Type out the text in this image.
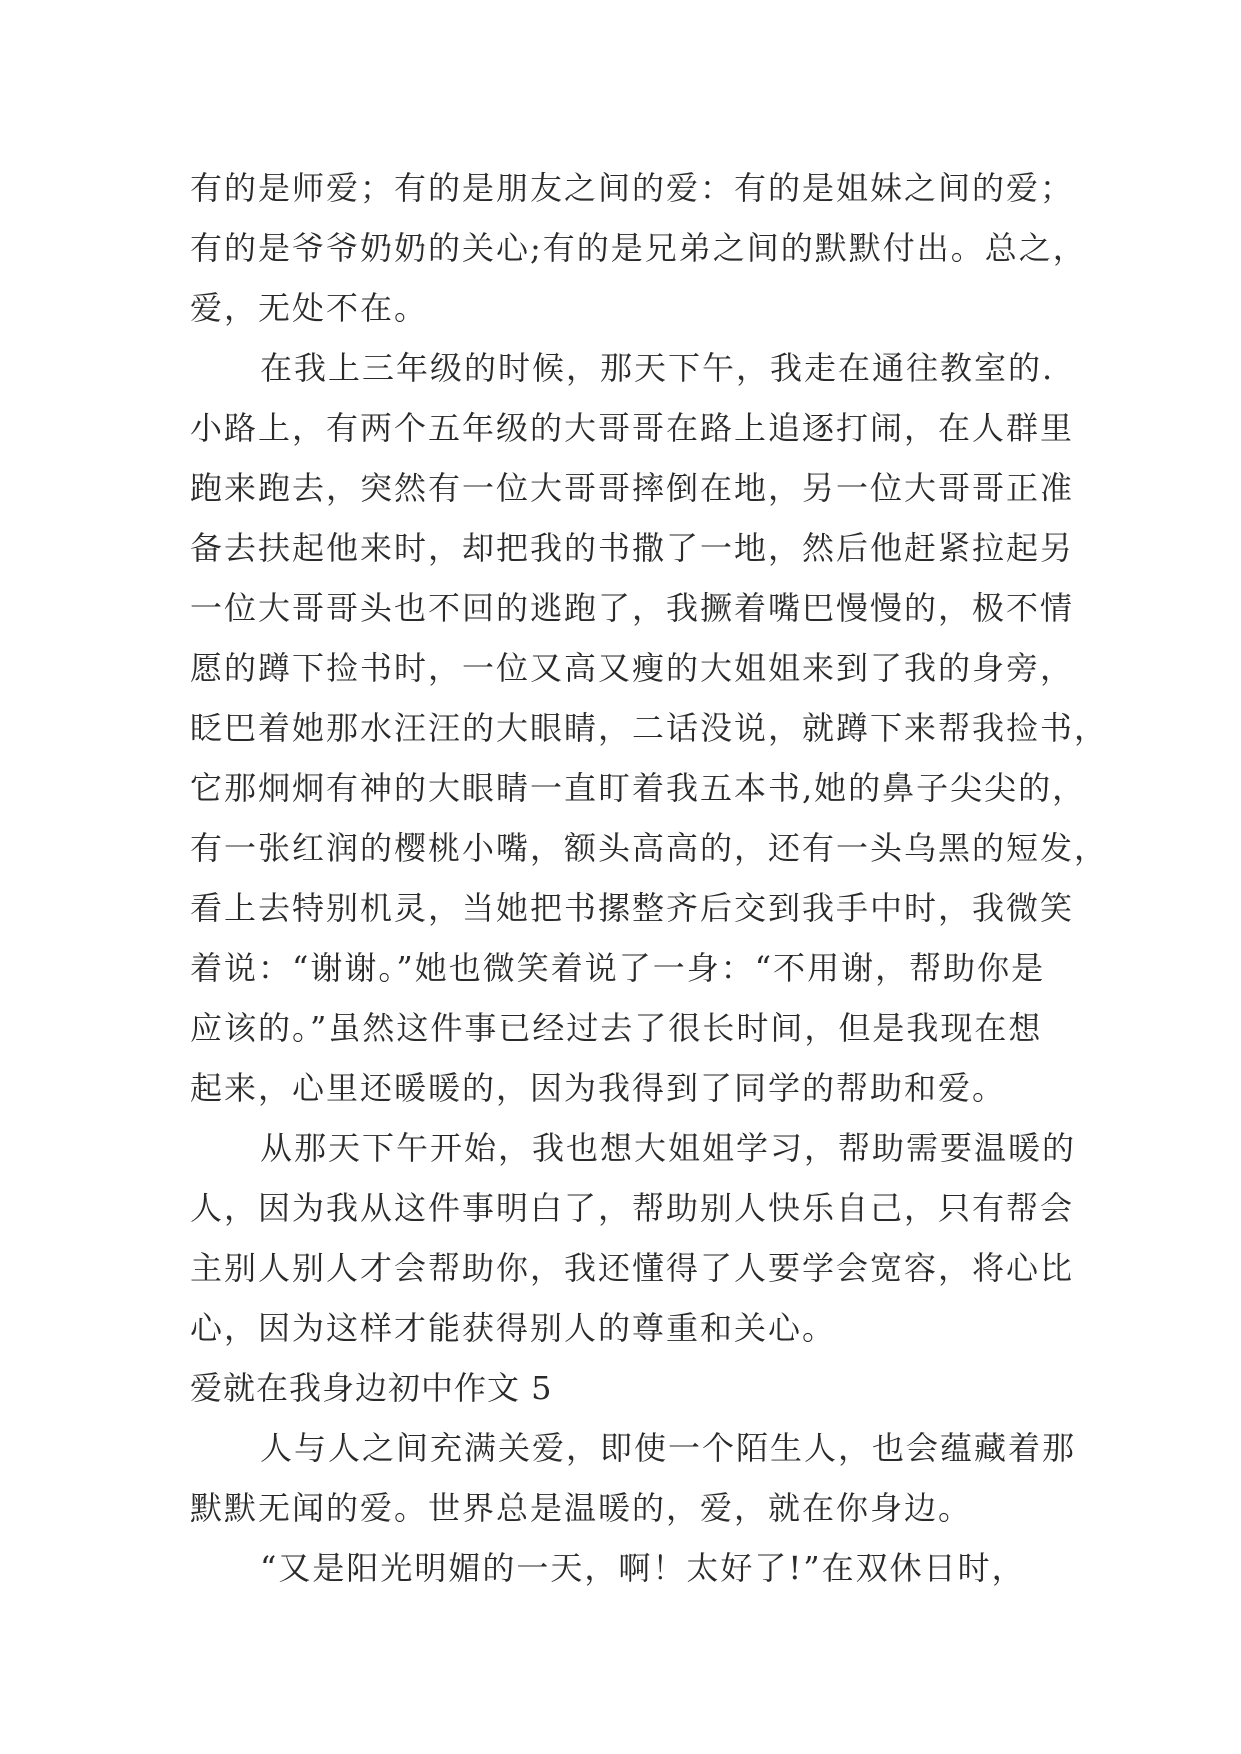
有的是师爱；有的是朋友之间的爱：有的是姐妹之间的爱；
有的是爷爷奶奶的关心;有的是兄弟之间的默默付出。总之，
爱，无处不在。
在我上三年级的时候，那天下午，我走在通往教室的.
小路上，有两个五年级的大哥哥在路上追逐打闹，在人群里
跑来跑去，突然有一位大哥哥摔倒在地，另一位大哥哥正准
备去扶起他来时，却把我的书撒了一地，然后他赶紧拉起另
一位大哥哥头也不回的逃跑了，我撅着嘴巴慢慢的，极不情
愿的蹲下捡书时，一位又高又瘦的大姐姐来到了我的身旁，
眨巴着她那水汪汪的大眼睛，二话没说，就蹲下来帮我捡书，
它那炯炯有神的大眼睛一直盯着我五本书,她的鼻子尖尖的，
有一张红润的樱桃小嘴，额头高高的，还有一头乌黑的短发，
看上去特别机灵，当她把书摞整齐后交到我手中时，我微笑
着说：“谢谢。”她也微笑着说了一身：“不用谢，帮助你是
应该的。”虽然这件事已经过去了很长时间，但是我现在想
起来，心里还暖暖的，因为我得到了同学的帮助和爱。
从那天下午开始，我也想大姐姐学习，帮助需要温暖的
人，因为我从这件事明白了，帮助别人快乐自己，只有帮会
主别人别人才会帮助你，我还懂得了人要学会宽容，将心比
心，因为这样才能获得别人的尊重和关心。
爱就在我身边初中作文 5
人与人之间充满关爱，即使一个陌生人，也会蕴藏着那
默默无闻的爱。世界总是温暖的，爱，就在你身边。
“又是阳光明媚的一天，啊！太好了!”在双休日时，
